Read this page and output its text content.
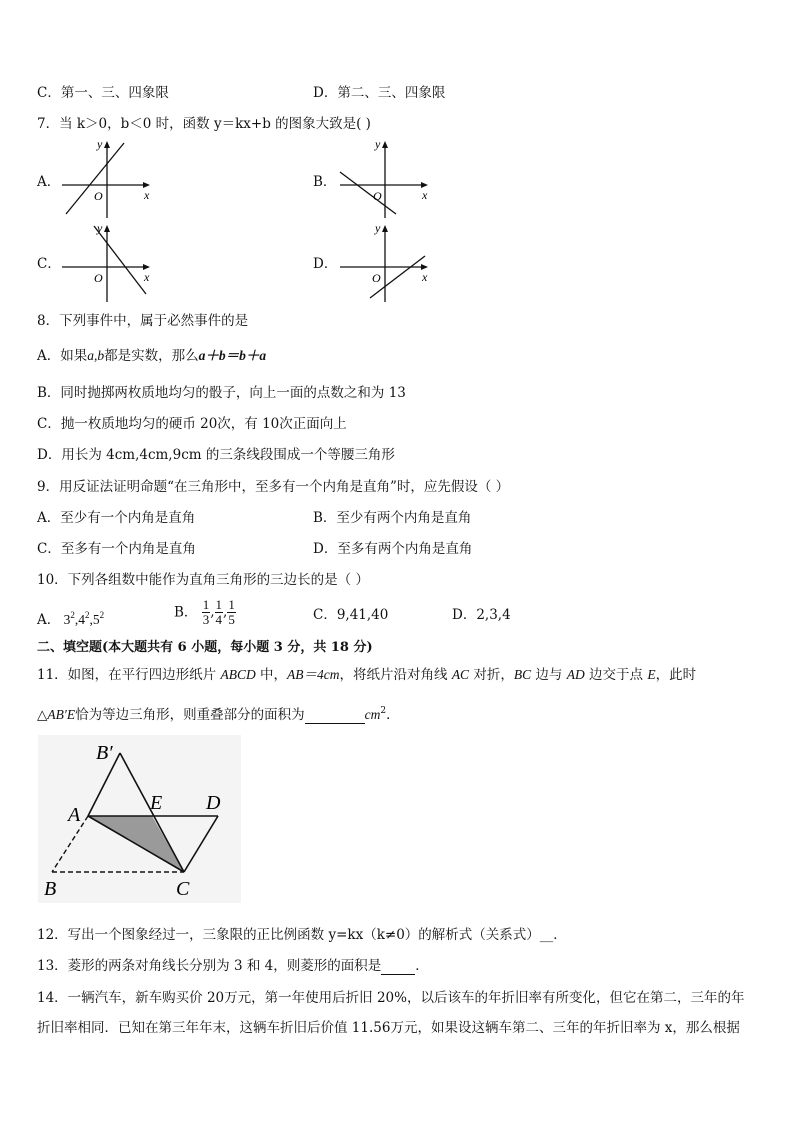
C．第一、三、四象限	D．第二、三、四象限
7．当 k＞0，b＜0 时，函数 y＝kx+b 的图象大致是( )
A．
y
x
O
B．
y
x
O
C．
y
x
O
D．
y
x
O
8．下列事件中，属于必然事件的是
A．如果a,b都是实数，那么a＋b＝b＋a
B．同时抛掷两枚质地均匀的骰子，向上一面的点数之和为 13
C．抛一枚质地均匀的硬币 20次，有 10次正面向上
D．用长为 4cm,4cm,9cm 的三条线段围成一个等腰三角形
9．用反证法证明命题“在三角形中，至多有一个内角是直角”时，应先假设（ ）
A．至少有一个内角是直角	B．至少有两个内角是直角
C．至多有一个内角是直角	D．至多有两个内角是直角
10．下列各组数中能作为直角三角形的三边长的是（ ）
A． $3^2,4^2,5^2$	B． $\frac{1}{3}$ , $\frac{1}{4}$ , $\frac{1}{5}$	C．9,41,40	D．2,3,4
二、填空题(本大题共有 6 小题，每小题 3 分，共 18 分)
11．如图，在平行四边形纸片 ABCD 中，AB＝4cm，将纸片沿对角线 AC 对折，BC 边与 AD 边交于点 E，此时
△AB′E恰为等边三角形，则重叠部分的面积为	$cm^2$．
B′
A
E D
B	C
12．写出一个图象经过一，三象限的正比例函数 y=kx（k≠0）的解析式（关系式）__．
13．菱形的两条对角线长分别为 3 和 4，则菱形的面积是	．
14．一辆汽车，新车购买价 20万元，第一年使用后折旧 20%，以后该车的年折旧率有所变化，但它在第二，三年的年
折旧率相同．已知在第三年年末，这辆车折旧后价值 11.56万元，如果设这辆车第二、三年的年折旧率为 x，那么根据
